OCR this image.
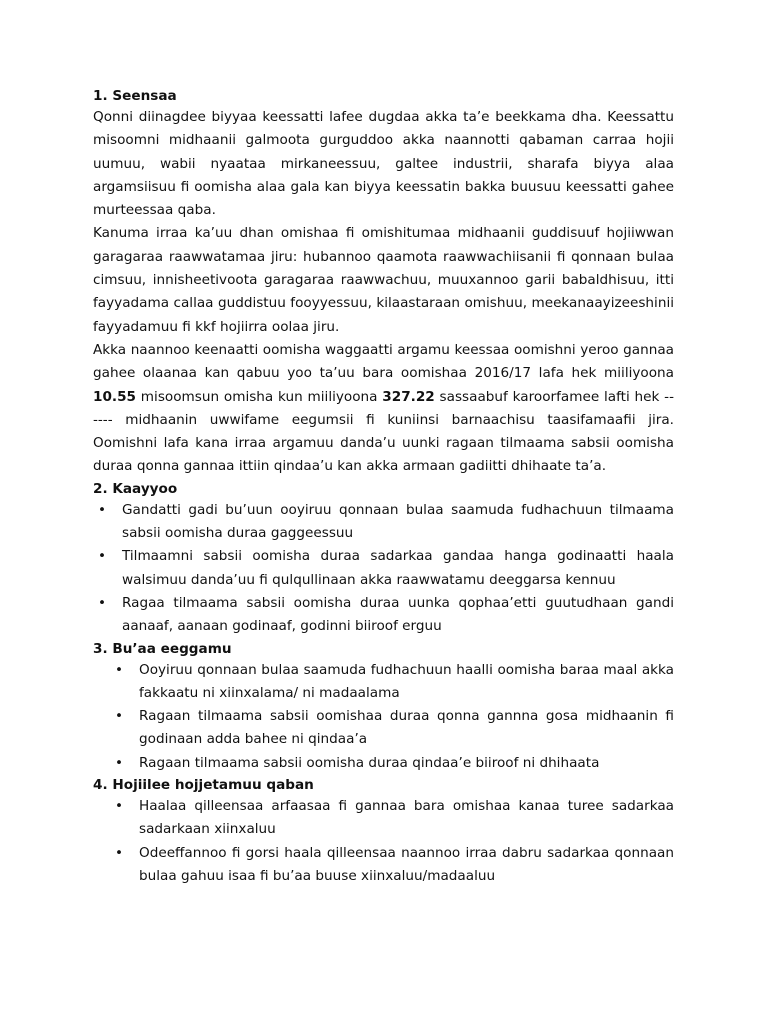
1. Seensaa

Qonni diinagdee biyyaa keessatti lafee dugdaa akka ta’e beekkama dha. Keessattu misoomni midhaanii galmoota gurguddoo akka naannotti qabaman carraa hojii uumuu, wabii nyaataa mirkaneessuu, galtee industrii, sharafa biyya alaa argamsiisuu fi oomisha alaa gala kan biyya keessatin bakka buusuu keessatti gahee murteessaa qaba.

Kanuma irraa ka’uu dhan omishaa fi omishitumaa midhaanii guddisuuf hojiiwwan garagaraa raawwatamaa jiru: hubannoo qaamota raawwachiisanii fi qonnaan bulaa cimsuu, innisheetivoota garagaraa raawwachuu, muuxannoo garii babaldhisuu, itti fayyadama callaa guddistuu fooyyessuu, kilaastaraan omishuu, meekanaayizeeshinii fayyadamuu fi kkf hojiirra oolaa jiru.

Akka naannoo keenaatti oomisha waggaatti argamu keessaa oomishni yeroo gannaa gahee olaanaa kan qabuu yoo ta’uu bara oomishaa 2016/17 lafa hek miiliyoona 10.55 misoomsun omisha kun miiliyoona 327.22 sassaabuf karoorfamee lafti hek ------ midhaanin uwwifame eegumsii fi kuniinsi barnaachisu taasifamaafii jira. Oomishni lafa kana irraa argamuu danda’u uunki ragaan tilmaama sabsii oomisha duraa qonna gannaa ittiin qindaa’u kan akka armaan gadiitti dhihaate ta’a.

2. Kaayyoo
• Gandatti gadi bu’uun ooyiruu qonnaan bulaa saamuda fudhachuun tilmaama sabsii oomisha duraa gaggeessuu
• Tilmaamni sabsii oomisha duraa sadarkaa gandaa hanga godinaatti haala walsimuu danda’uu fi qulqullinaan akka raawwatamu deeggarsa kennuu
• Ragaa tilmaama sabsii oomisha duraa uunka qophaa’etti guutudhaan gandi aanaaf, aanaan godinaaf, godinni biiroof erguu
3. Bu’aa eeggamu
• Ooyiruu qonnaan bulaa saamuda fudhachuun haalli oomisha baraa maal akka fakkaatu ni xiinxalama/ ni madaalama
• Ragaan tilmaama sabsii oomishaa duraa qonna gannna gosa midhaanin fi godinaan adda bahee ni qindaa’a
• Ragaan tilmaama sabsii oomisha duraa qindaa’e biiroof ni dhihaata
4. Hojiilee hojjetamuu qaban
• Haalaa qilleensaa arfaasaa fi gannaa bara omishaa kanaa turee sadarkaa sadarkaan xiinxaluu
• Odeeffannoo fi gorsi haala qilleensaa naannoo irraa dabru sadarkaa qonnaan bulaa gahuu isaa fi bu’aa buuse xiinxaluu/madaaluu
